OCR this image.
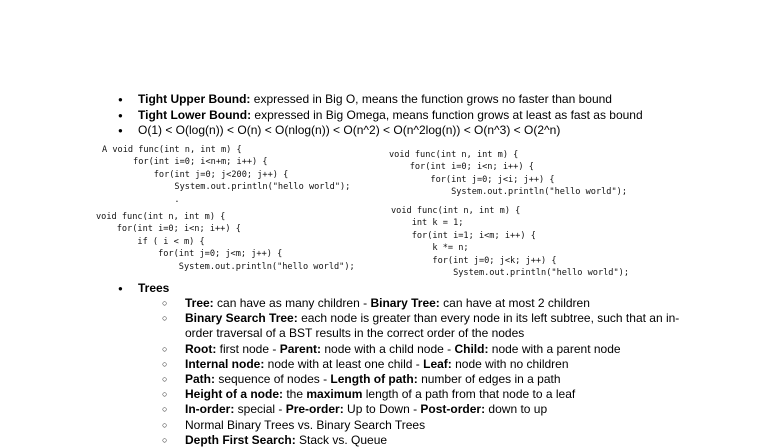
● Tight Upper Bound: expressed in Big O, means the function grows no faster than bound
● Tight Lower Bound: expressed in Big Omega, means function grows at least as fast as bound
● O(1) < O(log(n)) < O(n) < O(nlog(n)) < O(n^2) < O(n^2log(n)) < O(n^3) < O(2^n)
A void func(int n, int m) {
for(int i=0; i<n+m; i++) {
for(int j=0; j<200; j++) {
System.out.println("hello world");
.
void func(int n, int m) {
for(int i=0; i<n; i++) {
if ( i < m) {
for(int j=0; j<m; j++) {
System.out.println("hello world");
void func(int n, int m) {
for(int i=0; i<n; i++) {
for(int j=0; j<i; j++) {
System.out.println("hello world");
void func(int n, int m) {
int k = 1;
for(int i=1; i<m; i++) {
k *= n;
for(int j=0; j<k; j++) {
System.out.println("hello world");
● Trees
○ Tree: can have as many children - Binary Tree: can have at most 2 children
○ Binary Search Tree: each node is greater than every node in its left subtree, such that an in-order traversal of a BST results in the correct order of the nodes
○ Root: first node - Parent: node with a child node - Child: node with a parent node
○ Internal node: node with at least one child - Leaf: node with no children
○ Path: sequence of nodes - Length of path: number of edges in a path
○ Height of a node: the maximum length of a path from that node to a leaf
○ In-order: special - Pre-order: Up to Down - Post-order: down to up
○ Normal Binary Trees vs. Binary Search Trees
○ Depth First Search: Stack vs. Queue
